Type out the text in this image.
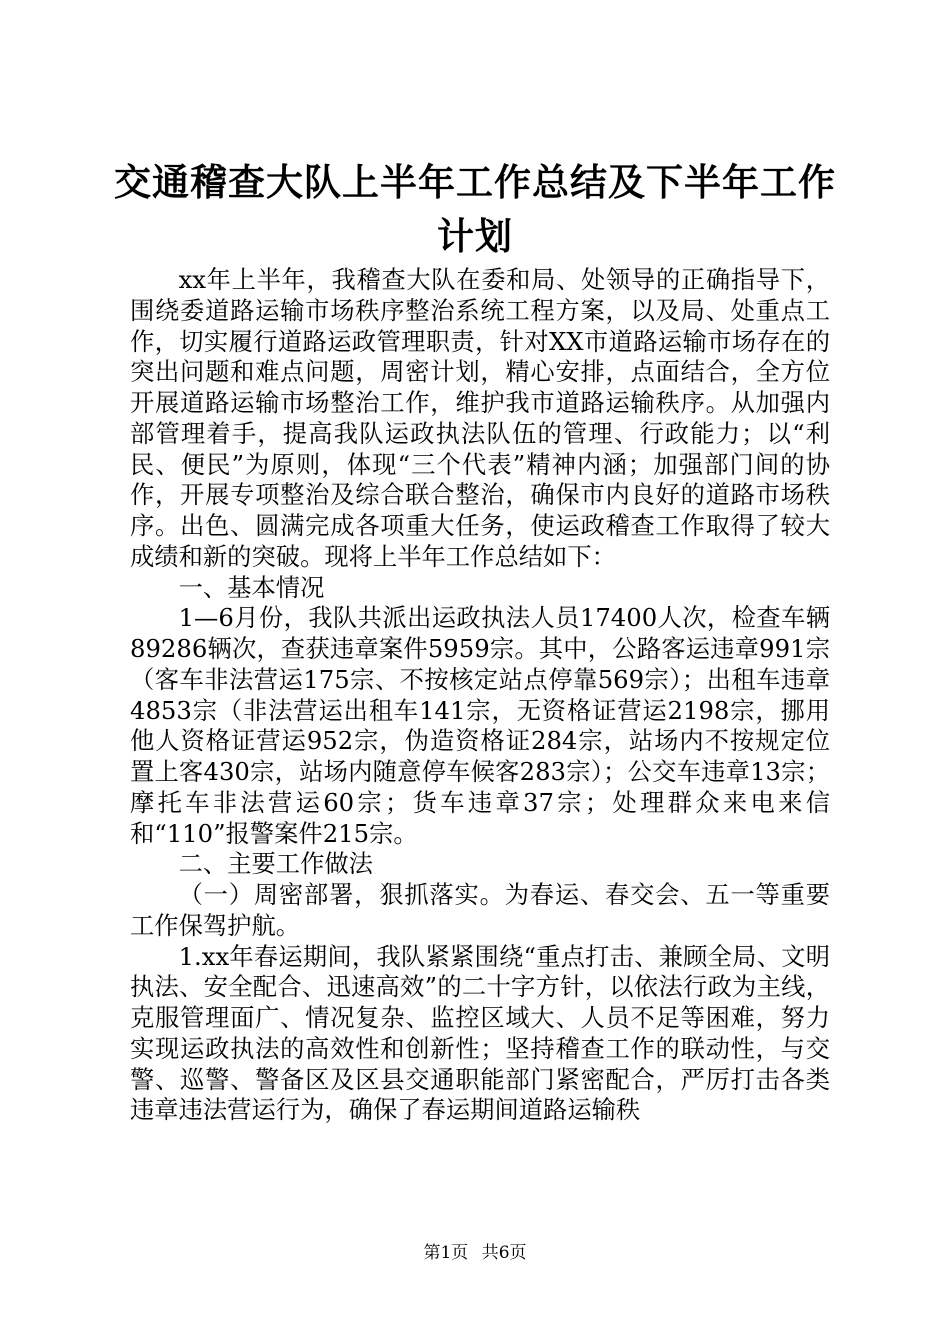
交通稽查大队上半年工作总结及下半年工作计划

xx年上半年，我稽查大队在委和局、处领导的正确指导下，围绕委道路运输市场秩序整治系统工程方案，以及局、处重点工作，切实履行道路运政管理职责，针对XX市道路运输市场存在的突出问题和难点问题，周密计划，精心安排，点面结合，全方位开展道路运输市场整治工作，维护我市道路运输秩序。从加强内部管理着手，提高我队运政执法队伍的管理、行政能力；以“利民、便民”为原则，体现“三个代表”精神内涵；加强部门间的协作，开展专项整治及综合联合整治，确保市内良好的道路市场秩序。出色、圆满完成各项重大任务，使运政稽查工作取得了较大成绩和新的突破。现将上半年工作总结如下：

一、基本情况

1—6月份，我队共派出运政执法人员17400人次，检查车辆89286辆次，查获违章案件5959宗。其中，公路客运违章991宗（客车非法营运175宗、不按核定站点停靠569宗）；出租车违章4853宗（非法营运出租车141宗，无资格证营运2198宗，挪用他人资格证营运952宗，伪造资格证284宗，站场内不按规定位置上客430宗，站场内随意停车候客283宗）；公交车违章13宗；摩托车非法营运60宗；货车违章37宗；处理群众来电来信和“110”报警案件215宗。

二、主要工作做法

（一）周密部署，狠抓落实。为春运、春交会、五一等重要工作保驾护航。

1.xx年春运期间，我队紧紧围绕“重点打击、兼顾全局、文明执法、安全配合、迅速高效”的二十字方针，以依法行政为主线，克服管理面广、情况复杂、监控区域大、人员不足等困难，努力实现运政执法的高效性和创新性；坚持稽查工作的联动性，与交警、巡警、警备区及区县交通职能部门紧密配合，严厉打击各类违章违法营运行为，确保了春运期间道路运输秩

第1页 共6页
